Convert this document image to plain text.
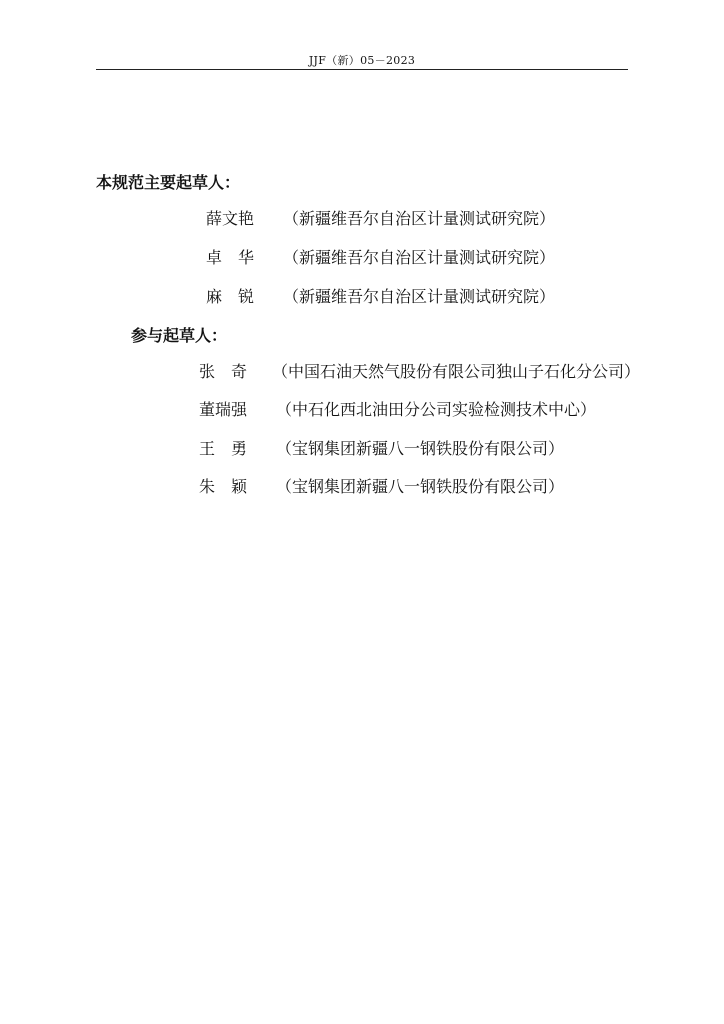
JJF（新）05－2023
本规范主要起草人：
薛文艳 （新疆维吾尔自治区计量测试研究院）
卓　华 （新疆维吾尔自治区计量测试研究院）
麻　锐 （新疆维吾尔自治区计量测试研究院）
参与起草人：
张　奇 （中国石油天然气股份有限公司独山子石化分公司）
董瑞强 （中石化西北油田分公司实验检测技术中心）
王　勇 （宝钢集团新疆八一钢铁股份有限公司）
朱　颖 （宝钢集团新疆八一钢铁股份有限公司）
